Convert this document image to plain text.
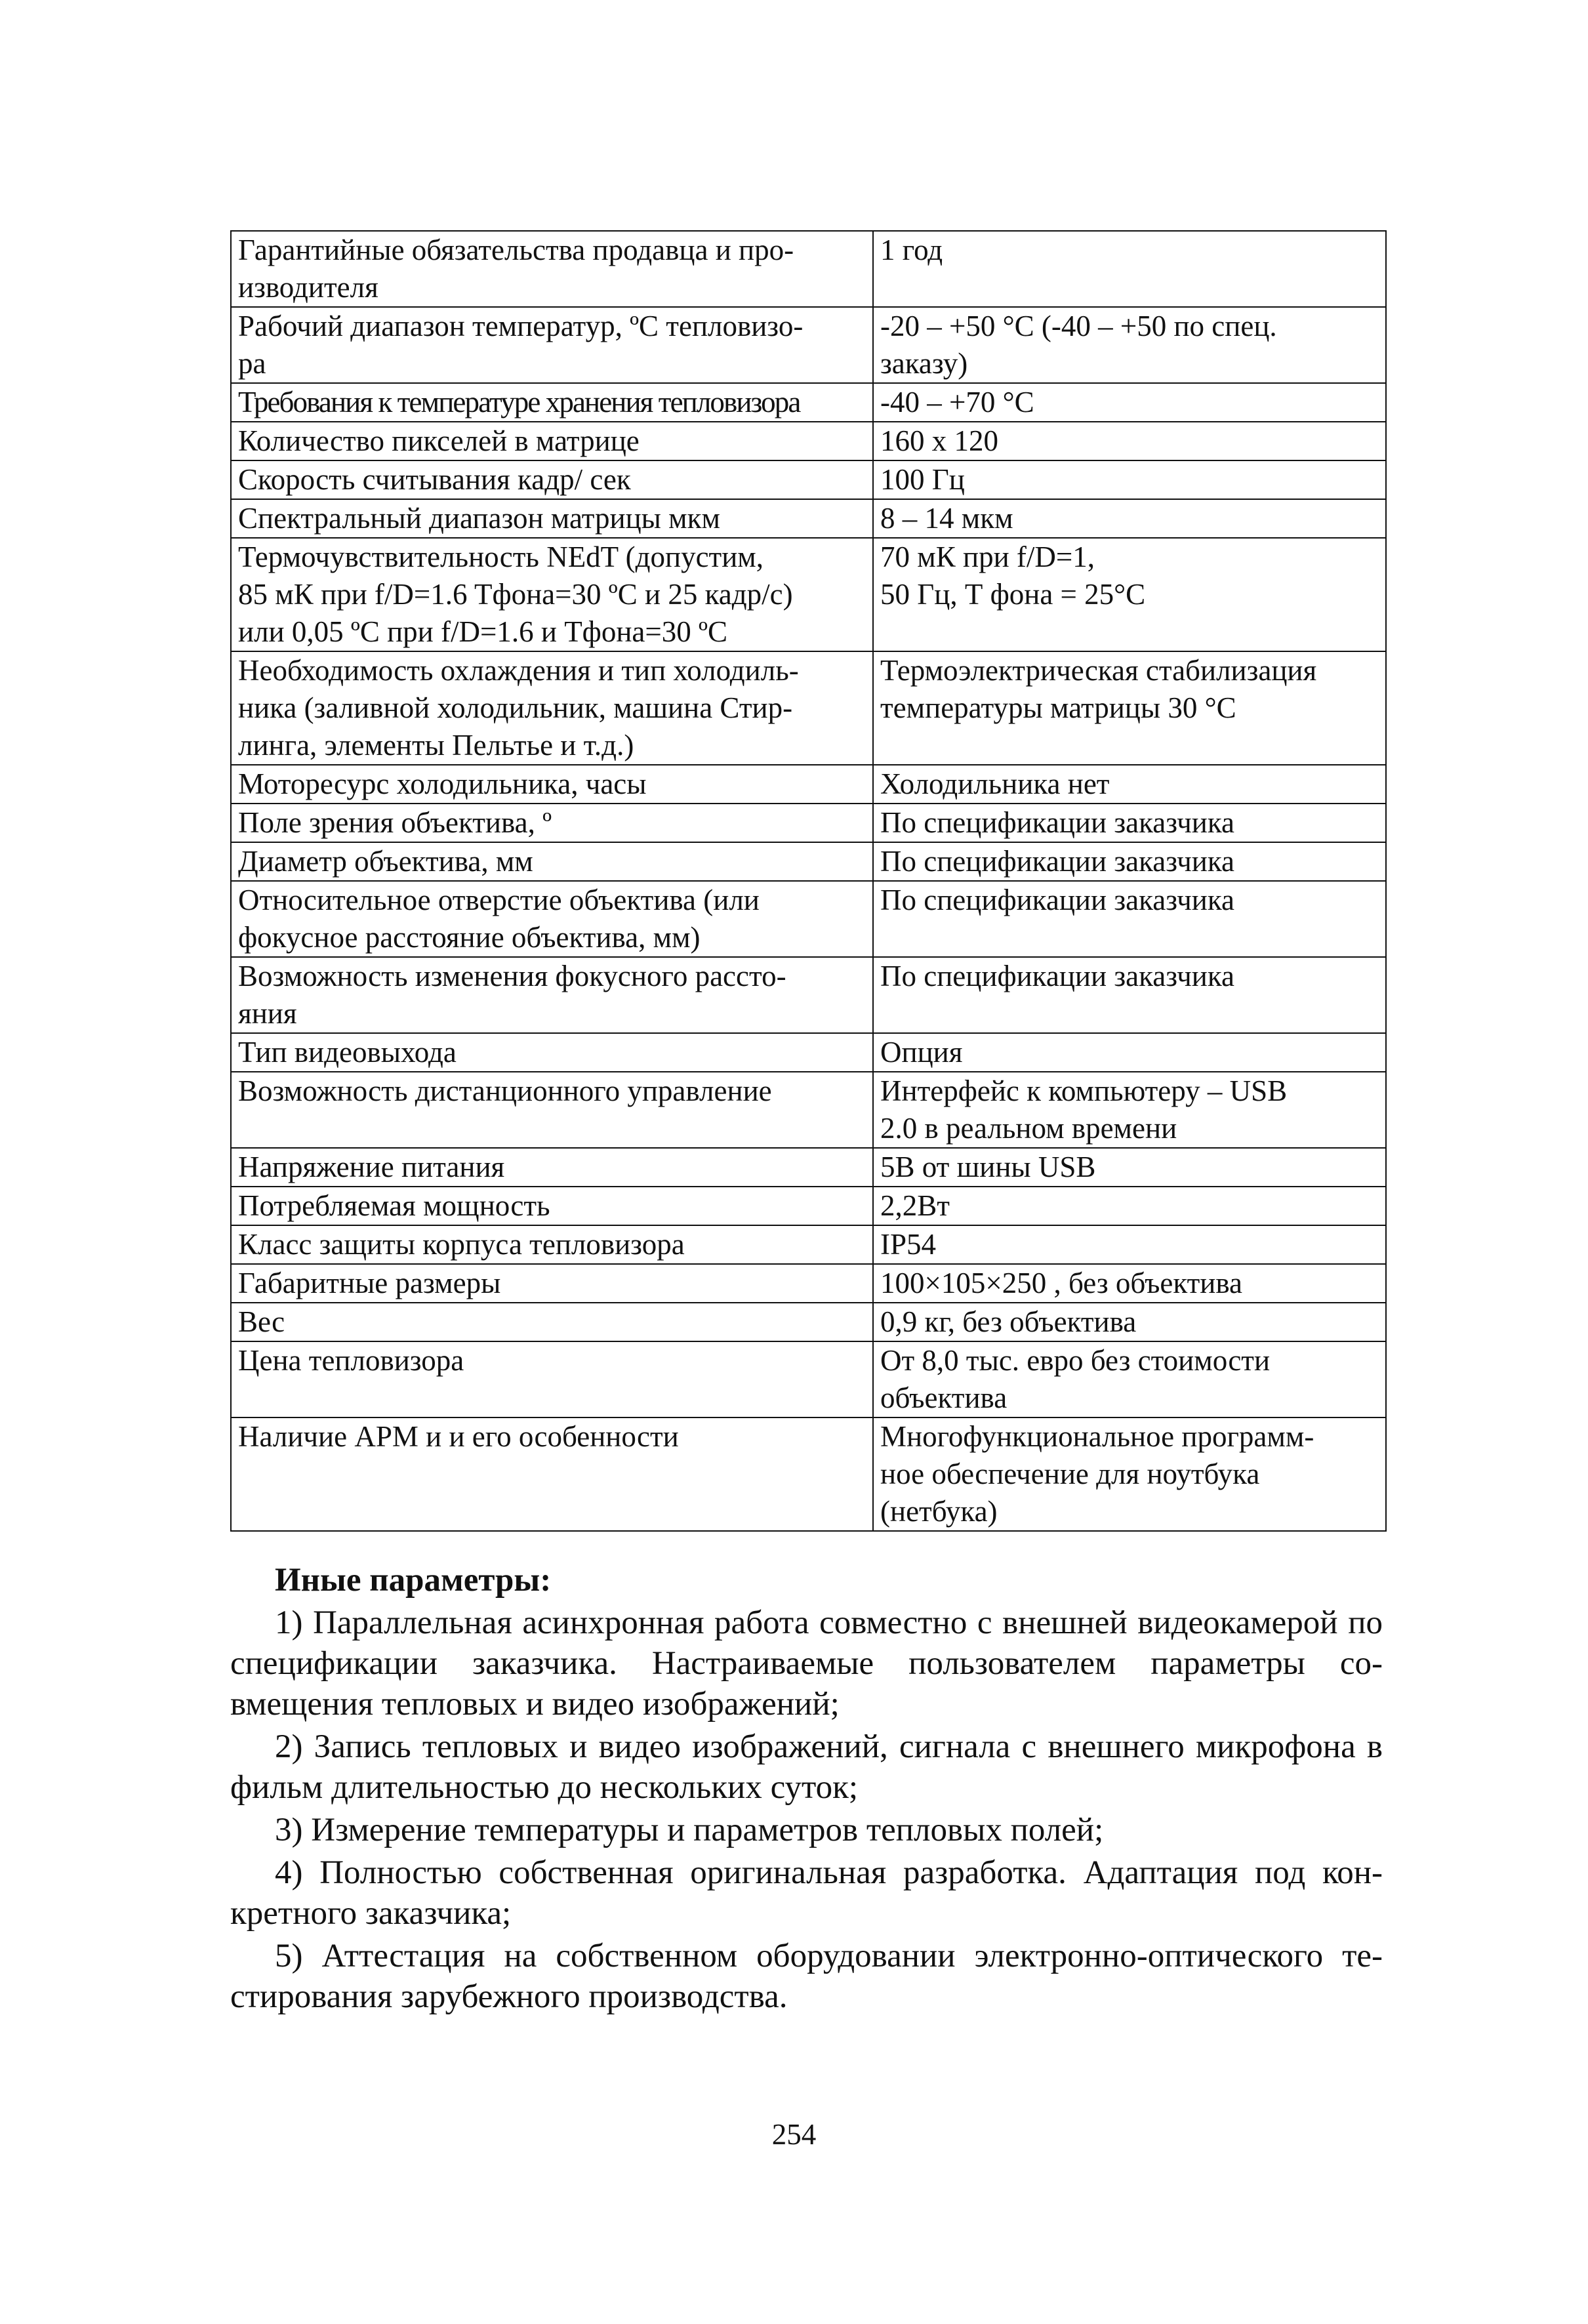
Гарантийные обязательства продавца и про-
изводителя	1 год
Рабочий диапазон температур, ºС тепловизо-
ра	-20 – +50 °С (-40 – +50 по спец.
заказу)
Требования к температуре хранения тепловизора	-40 – +70 °С
Количество пикселей в матрице	160 х 120
Скорость считывания кадр/ сек	100 Гц
Спектральный диапазон матрицы мкм	8 – 14 мкм
Термочувствительность NEdT (допустим,
85 мК при f/D=1.6 Tфона=30 ºС и 25 кадр/с)
или 0,05 ºС при f/D=1.6 и Тфона=30 ºС	70 мК при f/D=1,
50 Гц, Т фона = 25°С
Необходимость охлаждения и тип холодиль-
ника (заливной холодильник, машина Стир-
линга, элементы Пельтье и т.д.)	Термоэлектрическая стабилизация
температуры матрицы 30 °С
Моторесурс холодильника, часы	Холодильника нет
Поле зрения объектива, º	По спецификации заказчика
Диаметр объектива, мм	По спецификации заказчика
Относительное отверстие объектива (или
фокусное расстояние объектива, мм)	По спецификации заказчика
Возможность изменения фокусного рассто-
яния	По спецификации заказчика
Тип видеовыхода	Опция
Возможность дистанционного управление	Интерфейс к компьютеру – USB
2.0 в реальном времени
Напряжение питания	5В от шины USB
Потребляемая мощность	2,2Вт
Класс защиты корпуса тепловизора	IP54
Габаритные размеры	100×105×250 , без объектива
Вес	0,9 кг, без объектива
Цена тепловизора	От 8,0 тыс. евро без стоимости
объектива
Наличие АРМ и и его особенности	Многофункциональное программ-
ное обеспечение для ноутбука
(нетбука)

Иные параметры:

1) Параллельная асинхронная работа совместно с внешней видеокамерой по спецификации заказчика. Настраиваемые пользователем параметры со-вмещения тепловых и видео изображений;

2) Запись тепловых и видео изображений, сигнала с внешнего микрофона в фильм длительностью до нескольких суток;

3) Измерение температуры и параметров тепловых полей;

4) Полностью собственная оригинальная разработка. Адаптация под кон-кретного заказчика;

5) Аттестация на собственном оборудовании электронно-оптического те-стирования зарубежного производства.

254
